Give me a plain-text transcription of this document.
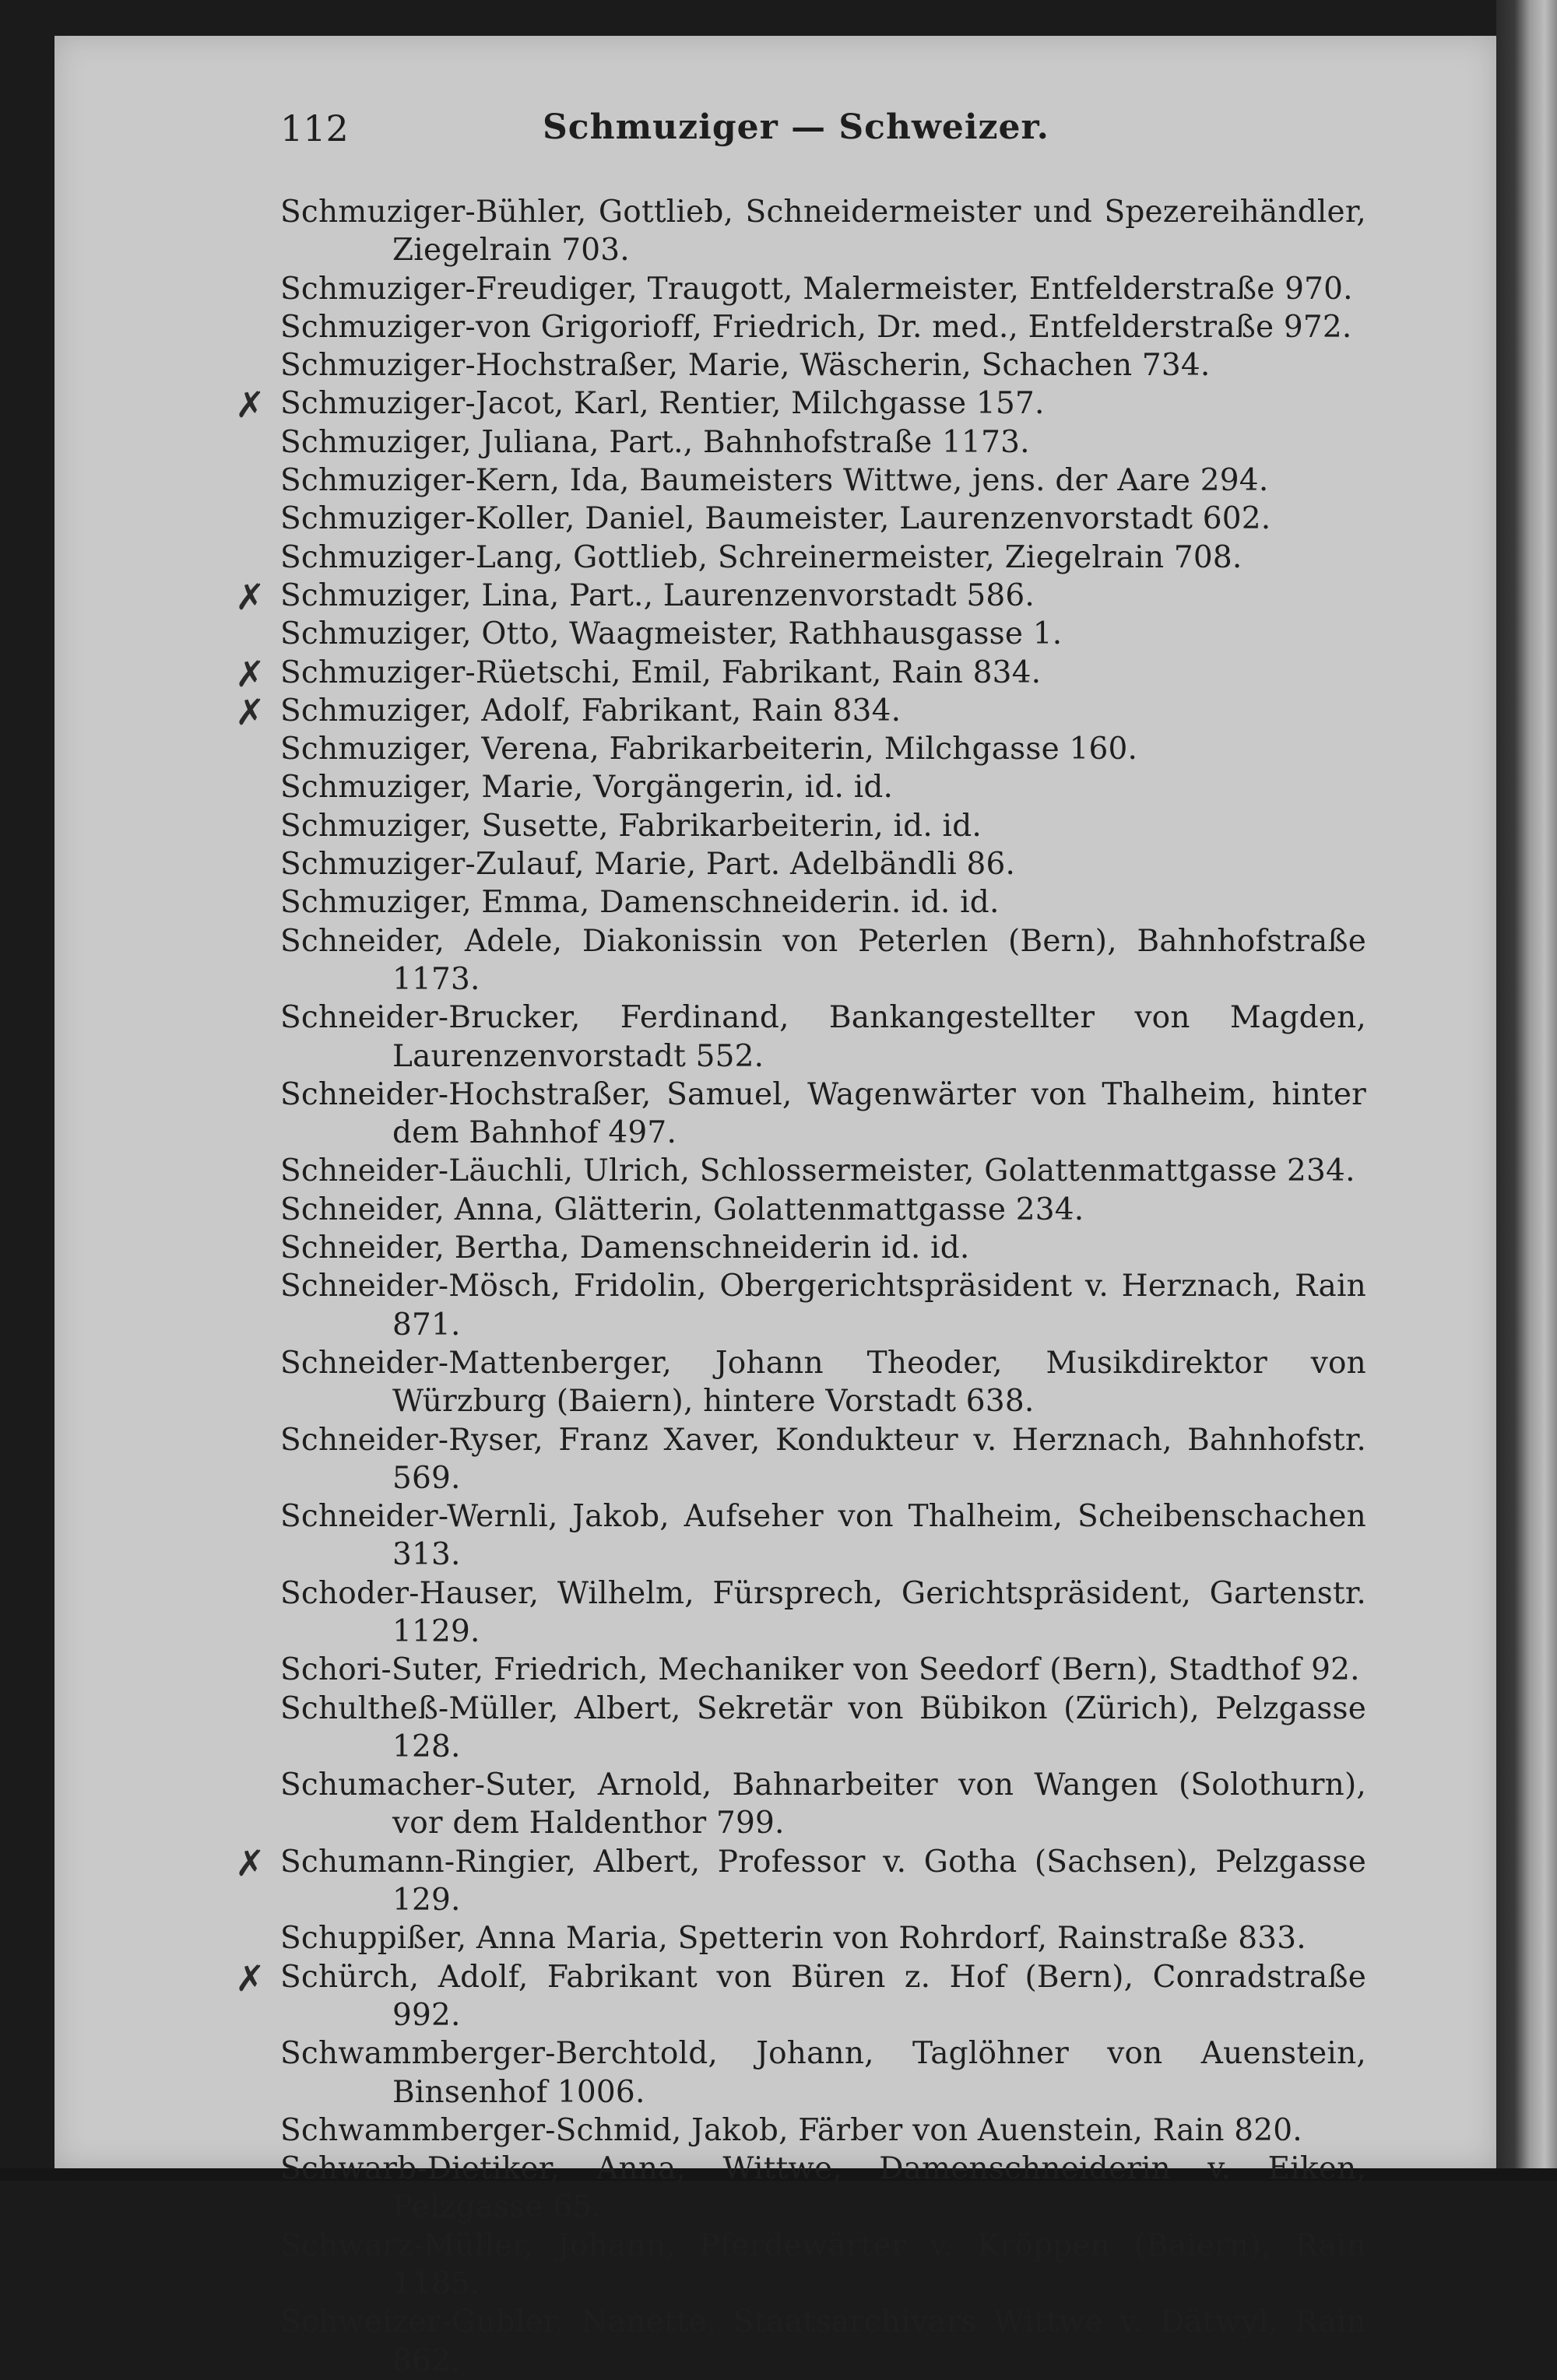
112	Schmuziger — Schweizer.
Schmuziger-Bühler, Gottlieb, Schneidermeister und Spezereihändler, Ziegelrain 703.
Schmuziger-Freudiger, Traugott, Malermeister, Entfelderstraße 970.
Schmuziger-von Grigorioff, Friedrich, Dr. med., Entfelderstraße 972.
Schmuziger-Hochstraßer, Marie, Wäscherin, Schachen 734.
✗ Schmuziger-Jacot, Karl, Rentier, Milchgasse 157.
Schmuziger, Juliana, Part., Bahnhofstraße 1173.
Schmuziger-Kern, Ida, Baumeisters Wittwe, jens. der Aare 294.
Schmuziger-Koller, Daniel, Baumeister, Laurenzenvorstadt 602.
Schmuziger-Lang, Gottlieb, Schreinermeister, Ziegelrain 708.
✗ Schmuziger, Lina, Part., Laurenzenvorstadt 586.
Schmuziger, Otto, Waagmeister, Rathhausgasse 1.
✗ Schmuziger-Rüetschi, Emil, Fabrikant, Rain 834.
✗ Schmuziger, Adolf, Fabrikant, Rain 834.
Schmuziger, Verena, Fabrikarbeiterin, Milchgasse 160.
Schmuziger, Marie, Vorgängerin, id. id.
Schmuziger, Susette, Fabrikarbeiterin, id. id.
Schmuziger-Zulauf, Marie, Part. Adelbändli 86.
Schmuziger, Emma, Damenschneiderin. id. id.
Schneider, Adele, Diakonissin von Peterlen (Bern), Bahnhofstraße 1173.
Schneider-Brucker, Ferdinand, Bankangestellter von Magden, Laurenzenvorstadt 552.
Schneider-Hochstraßer, Samuel, Wagenwärter von Thalheim, hinter dem Bahnhof 497.
Schneider-Läuchli, Ulrich, Schlossermeister, Golattenmattgasse 234.
Schneider, Anna, Glätterin, Golattenmattgasse 234.
Schneider, Bertha, Damenschneiderin id. id.
Schneider-Mösch, Fridolin, Obergerichtspräsident v. Herznach, Rain 871.
Schneider-Mattenberger, Johann Theoder, Musikdirektor von Würzburg (Baiern), hintere Vorstadt 638.
Schneider-Ryser, Franz Xaver, Kondukteur v. Herznach, Bahnhofstr. 569.
Schneider-Wernli, Jakob, Aufseher von Thalheim, Scheibenschachen 313.
Schoder-Hauser, Wilhelm, Fürsprech, Gerichtspräsident, Gartenstr. 1129.
Schori-Suter, Friedrich, Mechaniker von Seedorf (Bern), Stadthof 92.
Schultheß-Müller, Albert, Sekretär von Bübikon (Zürich), Pelzgasse 128.
Schumacher-Suter, Arnold, Bahnarbeiter von Wangen (Solothurn), vor dem Haldenthor 799.
✗ Schumann-Ringier, Albert, Professor v. Gotha (Sachsen), Pelzgasse 129.
Schuppißer, Anna Maria, Spetterin von Rohrdorf, Rainstraße 833.
✗ Schürch, Adolf, Fabrikant von Büren z. Hof (Bern), Conradstraße 992.
Schwammberger-Berchtold, Johann, Taglöhner von Auenstein, Binsenhof 1006.
Schwammberger-Schmid, Jakob, Färber von Auenstein, Rain 820.
Schwarb-Dietiker, Anna, Wittwe, Damenschneiderin v. Eiken, Pelzgasse 65.
Schwarz-Müller, Johann, Pferdewärter v. Kröppen (Baiern), Rain 1185.
Schweizer-Gubler, Nanette, Staatsarchivars Wittwe v. Dätwyl, Rain 862.
